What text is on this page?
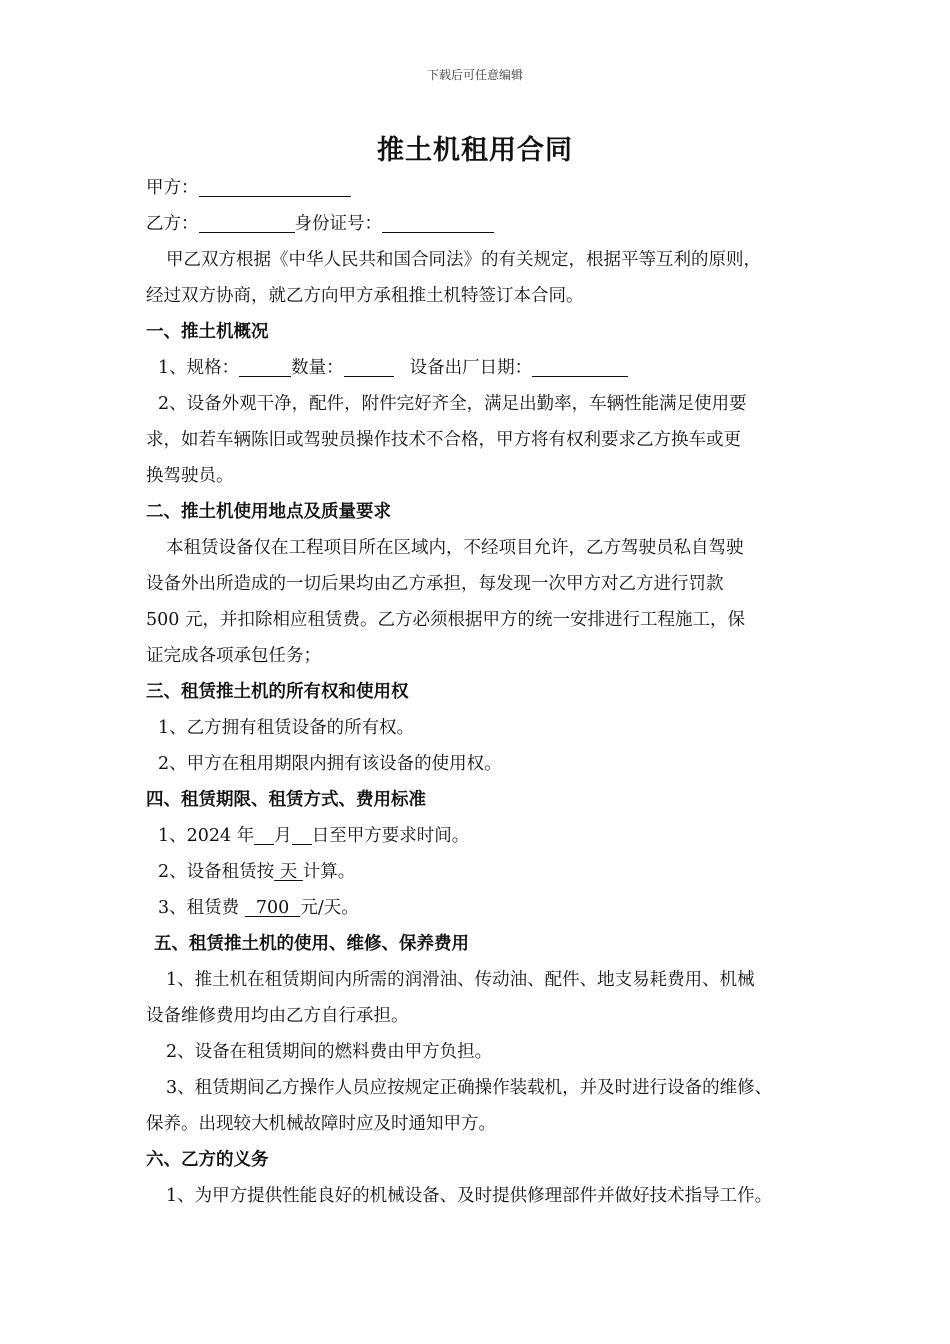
下载后可任意编辑
推土机租用合同
甲方：
乙方：	身份证号：
甲乙双方根据《中华人民共和国合同法》的有关规定，根据平等互利的原则，
经过双方协商，就乙方向甲方承租推土机特签订本合同。
一、推土机概况
1、规格：	数量：	设备出厂日期：
2、设备外观干净，配件，附件完好齐全，满足出勤率，车辆性能满足使用要
求，如若车辆陈旧或驾驶员操作技术不合格，甲方将有权利要求乙方换车或更
换驾驶员。
二、推土机使用地点及质量要求
本租赁设备仅在工程项目所在区域内，不经项目允许，乙方驾驶员私自驾驶
设备外出所造成的一切后果均由乙方承担，每发现一次甲方对乙方进行罚款
500 元，并扣除相应租赁费。乙方必须根据甲方的统一安排进行工程施工，保
证完成各项承包任务；
三、租赁推土机的所有权和使用权
1、乙方拥有租赁设备的所有权。
2、甲方在租用期限内拥有该设备的使用权。
四、租赁期限、租赁方式、费用标准
1、2024 年 月 日至甲方要求时间。
2、设备租赁按 天 计算。
3、租赁费   700  元/天。
五、租赁推土机的使用、维修、保养费用
1、推土机在租赁期间内所需的润滑油、传动油、配件、地支易耗费用、机械
设备维修费用均由乙方自行承担。
2、设备在租赁期间的燃料费由甲方负担。
3、租赁期间乙方操作人员应按规定正确操作装载机，并及时进行设备的维修、
保养。出现较大机械故障时应及时通知甲方。
六、乙方的义务
1、为甲方提供性能良好的机械设备、及时提供修理部件并做好技术指导工作。
